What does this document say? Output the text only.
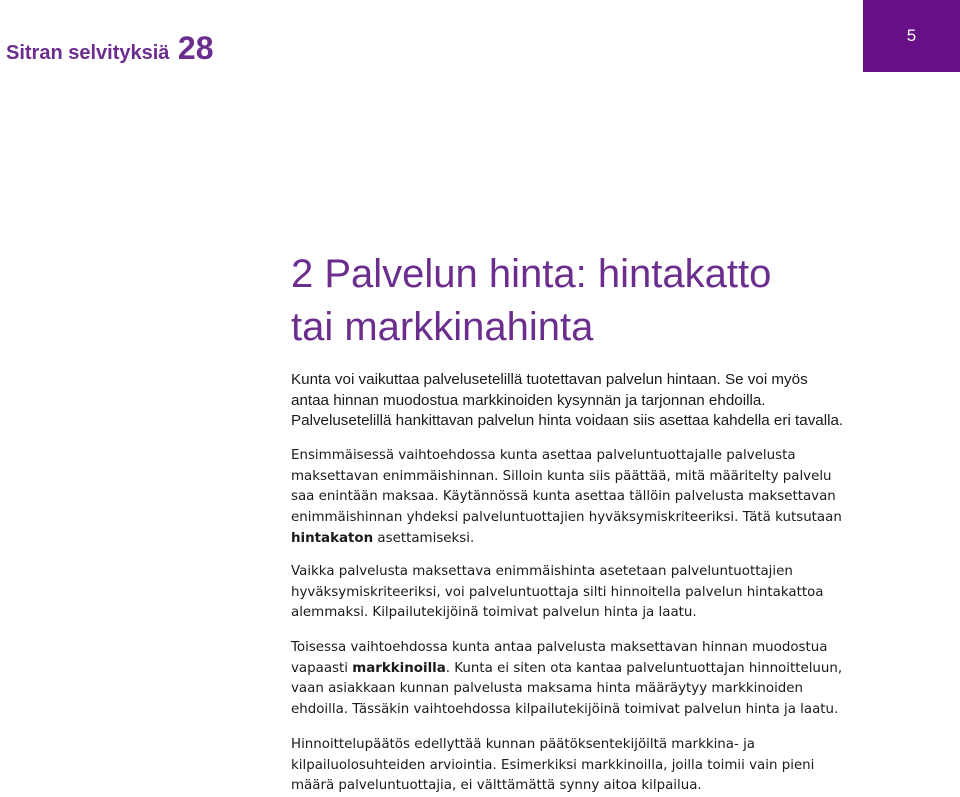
Sitran selvityksiä 28	5
2 Palvelun hinta: hintakatto
tai markkinahinta

Kunta voi vaikuttaa palvelusetelillä tuotettavan palvelun hintaan. Se voi myös
antaa hinnan muodostua markkinoiden kysynnän ja tarjonnan ehdoilla.
Palvelusetelillä hankittavan palvelun hinta voidaan siis asettaa kahdella eri tavalla.

Ensimmäisessä vaihtoehdossa kunta asettaa palveluntuottajalle palvelusta
maksettavan enimmäishinnan. Silloin kunta siis päättää, mitä määritelty palvelu
saa enintään maksaa. Käytännössä kunta asettaa tällöin palvelusta maksettavan
enimmäishinnan yhdeksi palveluntuottajien hyväksymiskriteeriksi. Tätä kutsutaan
hintakaton asettamiseksi.

Vaikka palvelusta maksettava enimmäishinta asetetaan palveluntuottajien
hyväksymiskriteeriksi, voi palveluntuottaja silti hinnoitella palvelun hintakattoa
alemmaksi. Kilpailutekijöinä toimivat palvelun hinta ja laatu.

Toisessa vaihtoehdossa kunta antaa palvelusta maksettavan hinnan muodostua
vapaasti markkinoilla. Kunta ei siten ota kantaa palveluntuottajan hinnoitteluun,
vaan asiakkaan kunnan palvelusta maksama hinta määräytyy markkinoiden
ehdoilla. Tässäkin vaihtoehdossa kilpailutekijöinä toimivat palvelun hinta ja laatu.

Hinnoittelupäätös edellyttää kunnan päätöksentekijöiltä markkina- ja
kilpailuolosuhteiden arviointia. Esimerkiksi markkinoilla, joilla toimii vain pieni
määrä palveluntuottajia, ei välttämättä synny aitoa kilpailua.
